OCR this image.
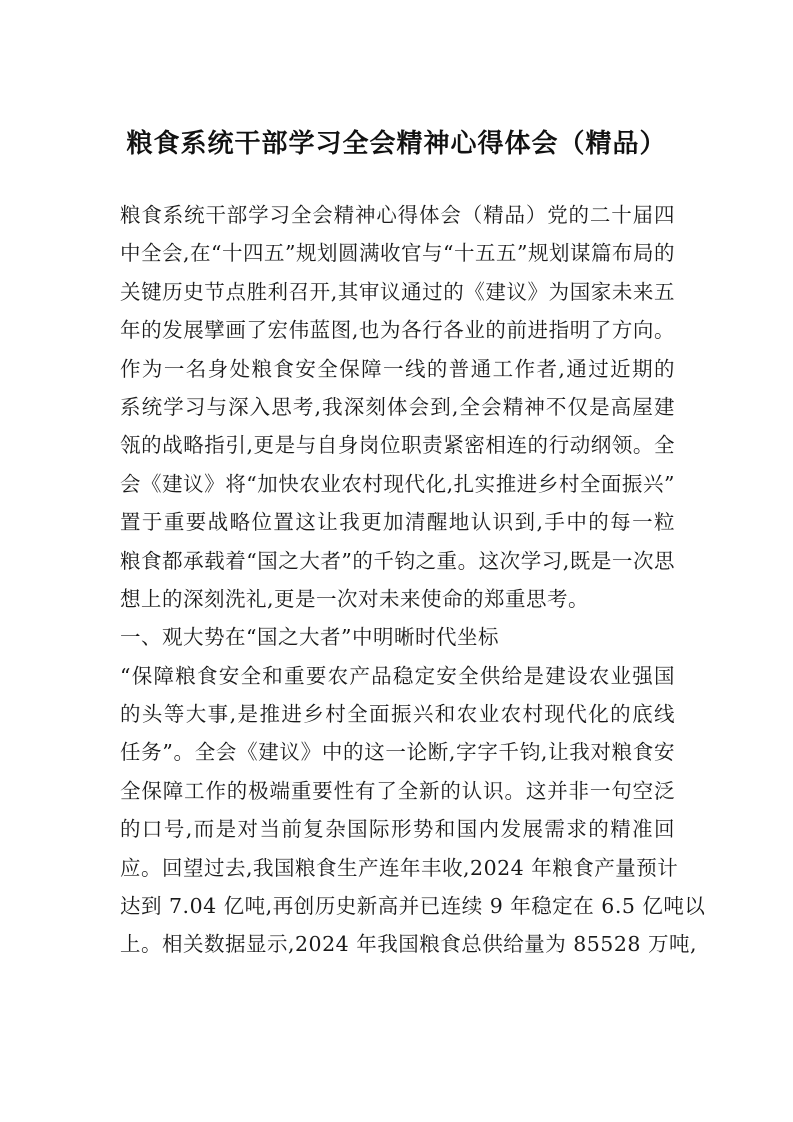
粮食系统干部学习全会精神心得体会（精品）
粮食系统干部学习全会精神心得体会（精品）党的二十届四
中全会,在“十四五”规划圆满收官与“十五五”规划谋篇布局的
关键历史节点胜利召开,其审议通过的《建议》为国家未来五
年的发展擘画了宏伟蓝图,也为各行各业的前进指明了方向。
作为一名身处粮食安全保障一线的普通工作者,通过近期的
系统学习与深入思考,我深刻体会到,全会精神不仅是高屋建
瓴的战略指引,更是与自身岗位职责紧密相连的行动纲领。全
会《建议》将“加快农业农村现代化,扎实推进乡村全面振兴”
置于重要战略位置这让我更加清醒地认识到,手中的每一粒
粮食都承载着“国之大者”的千钧之重。这次学习,既是一次思
想上的深刻洗礼,更是一次对未来使命的郑重思考。
一、观大势在“国之大者”中明晰时代坐标
“保障粮食安全和重要农产品稳定安全供给是建设农业强国
的头等大事,是推进乡村全面振兴和农业农村现代化的底线
任务”。全会《建议》中的这一论断,字字千钧,让我对粮食安
全保障工作的极端重要性有了全新的认识。这并非一句空泛
的口号,而是对当前复杂国际形势和国内发展需求的精准回
应。回望过去,我国粮食生产连年丰收,2024 年粮食产量预计
达到 7.04 亿吨,再创历史新高并已连续 9 年稳定在 6.5 亿吨以
上。相关数据显示,2024 年我国粮食总供给量为 85528 万吨,
